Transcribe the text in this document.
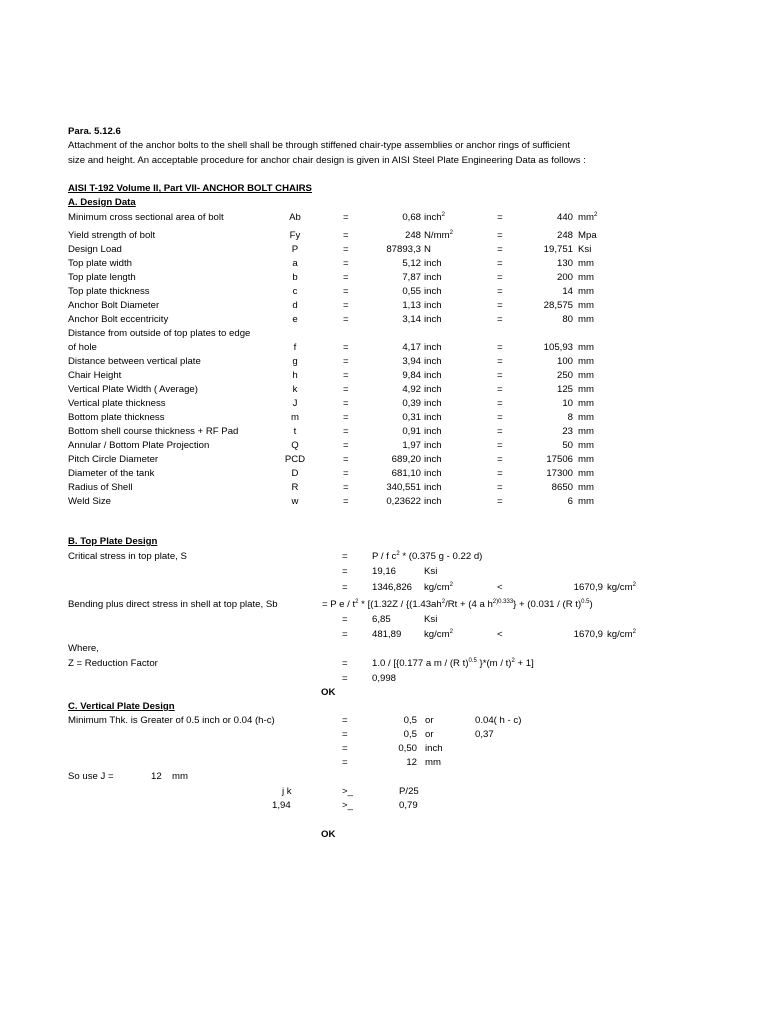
Para. 5.12.6
Attachment of the anchor bolts to the shell shall be through stiffened chair-type assemblies or anchor rings of sufficient
size and height. An acceptable procedure for anchor chair design is given in AISI Steel Plate Engineering Data as follows :
AISI T-192 Volume II, Part VII- ANCHOR BOLT CHAIRS
A. Design Data
Minimum cross sectional area of bolt	Ab	=	0,68 inch$^2$	=	440 $mm^2$
Yield strength of bolt	Fy	=	248 $N/mm^2$	=	248 Mpa
Design Load	P	=	87893,3 N	=	19,751 Ksi
Top plate width	a	=	5,12 inch	=	130 mm
Top plate length	b	=	7,87 inch	=	200 mm
Top plate thickness	c	=	0,55 inch	=	14 mm
Anchor Bolt Diameter	d	=	1,13 inch	=	28,575 mm
Anchor Bolt eccentricity	e	=	3,14 inch	=	80 mm
Distance from outside of top plates to edge
of hole	f	=	4,17 inch	=	105,93 mm
Distance between vertical plate	g	=	3,94 inch	=	100 mm
Chair Height	h	=	9,84 inch	=	250 mm
Vertical Plate Width ( Average)	k	=	4,92 inch	=	125 mm
Vertical plate thickness	J	=	0,39 inch	=	10 mm
Bottom plate thickness	m	=	0,31 inch	=	8 mm
Bottom shell course thickness + RF Pad	t	=	0,91 inch	=	23 mm
Annular / Bottom Plate Projection	Q	=	1,97 inch	=	50 mm
Pitch Circle Diameter	PCD	=	689,20 inch	=	17506 mm
Diameter of the tank	D	=	681,10 inch	=	17300 mm
Radius of Shell	R	=	340,551 inch	=	8650 mm
Weld Size	w	=	0,23622 inch	=	6 mm
B. Top Plate Design
Critical stress in top plate, S	=	P / f $c^2 * (0.375$ g - 0.22 d)
=	19,16	Ksi
=	1346,826 $kg/cm^2$	<	1670,9 $kg/cm^2$
Bending plus direct stress in shell at top plate, Sb	= P $e / t^2 * [(1.32Z / \{(1.43ah^2/Rt + (4$ a $h^{2)0.333}\} + (0.031 / (R$ t)$^{0.5}$)
=	6,85	Ksi
=	481,89 $kg/cm^2$	<	1670,9 $kg/cm^2$
Where,
Z = Reduction Factor	=	1.0 / [{0.177 a m / (R t)$^{0.5}$ }*(m / t)$^2$ + 1]
=	0,998
OK
C. Vertical Plate Design
Minimum Thk. is Greater of 0.5 inch or 0.04 (h-c)	=	0,5 or	0.04( h - c)
=	0,5 or	0,37
=	0,50 inch
=	12 mm
So use J =	12 mm
j k	>_	P/25
1,94	>_	0,79
OK
